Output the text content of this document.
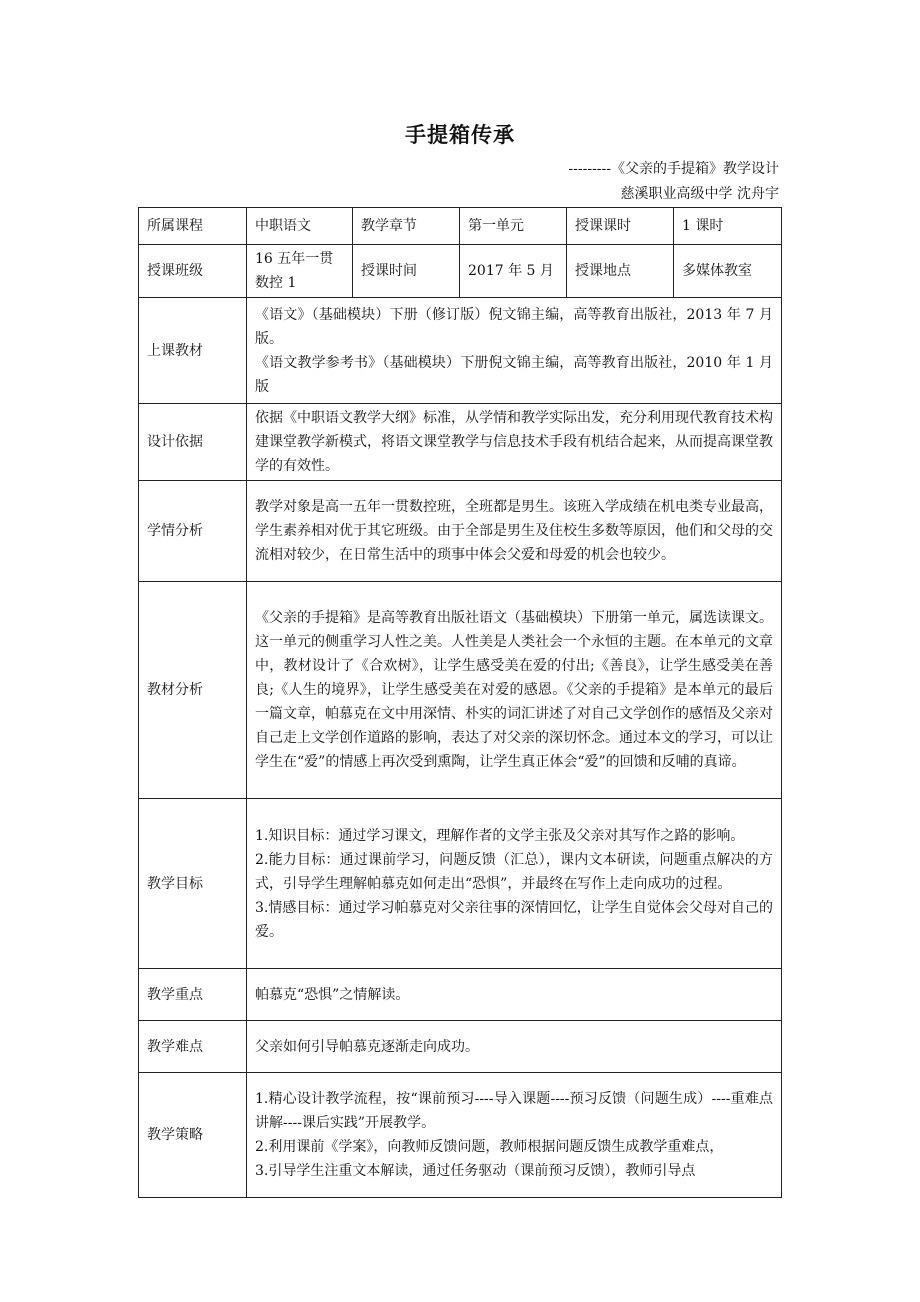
手提箱传承
---------《父亲的手提箱》教学设计
慈溪职业高级中学 沈舟宇
所属课程	中职语文	教学章节	第一单元	授课课时	1 课时
授课班级	16 五年一贯数控 1	授课时间	2017 年 5 月	授课地点	多媒体教室
上课教材	《语文》（基础模块）下册（修订版）倪文锦主编，高等教育出版社，2013 年 7 月版。
《语文教学参考书》（基础模块）下册倪文锦主编，高等教育出版社，2010 年 1 月版				

设计依据	依据《中职语文教学大纲》标准，从学情和教学实际出发，充分利用现代教育技术构建课堂教学新模式，将语文课堂教学与信息技术手段有机结合起来，从而提高课堂教学的有效性。				

学情分析	教学对象是高一五年一贯数控班，全班都是男生。该班入学成绩在机电类专业最高，学生素养相对优于其它班级。由于全部是男生及住校生多数等原因，他们和父母的交流相对较少，在日常生活中的琐事中体会父爱和母爱的机会也较少。				

教材分析	《父亲的手提箱》是高等教育出版社语文（基础模块）下册第一单元，属选读课文。这一单元的侧重学习人性之美。人性美是人类社会一个永恒的主题。在本单元的文章中，教材设计了《合欢树》，让学生感受美在爱的付出;《善良》，让学生感受美在善良;《人生的境界》，让学生感受美在对爱的感恩。《父亲的手提箱》是本单元的最后一篇文章，帕慕克在文中用深情、朴实的词汇讲述了对自己文学创作的感悟及父亲对自己走上文学创作道路的影响，表达了对父亲的深切怀念。通过本文的学习，可以让学生在“爱”的情感上再次受到熏陶，让学生真正体会“爱”的回馈和反哺的真谛。				

教学目标	1.知识目标：通过学习课文，理解作者的文学主张及父亲对其写作之路的影响。
2.能力目标：通过课前学习，问题反馈（汇总），课内文本研读，问题重点解决的方式，引导学生理解帕慕克如何走出“恐惧”，并最终在写作上走向成功的过程。
3.情感目标：通过学习帕慕克对父亲往事的深情回忆，让学生自觉体会父母对自己的爱。				

教学重点	帕慕克“恐惧”之情解读。				

教学难点	父亲如何引导帕慕克逐渐走向成功。				

教学策略	1.精心设计教学流程，按“课前预习----导入课题----预习反馈（问题生成）----重难点讲解----课后实践”开展教学。
2.利用课前《学案》，向教师反馈问题，教师根据问题反馈生成教学重难点，
3.引导学生注重文本解读，通过任务驱动（课前预习反馈），教师引导点				
